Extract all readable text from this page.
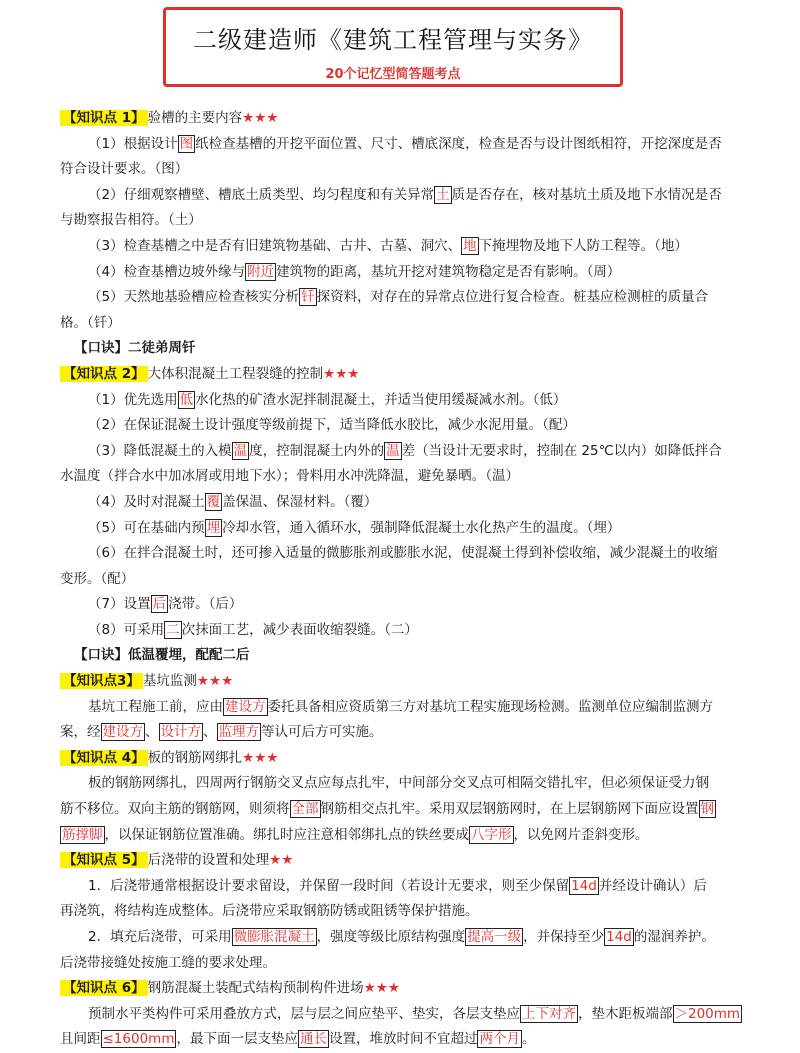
二级建造师《建筑工程管理与实务》
20个记忆型简答题考点
【知识点 1】 验槽的主要内容★★★
（1）根据设计 图 纸检查基槽的开挖平面位置、尺寸、槽底深度，检查是否与设计图纸相符，开挖深度是否
符合设计要求。（图）
（2）仔细观察槽壁、槽底土质类型、均匀程度和有关异常 土 质是否存在，核对基坑土质及地下水情况是否
与勘察报告相符。（土）
（3）检查基槽之中是否有旧建筑物基础、古井、古墓、洞穴、 地 下掩埋物及地下人防工程等。（地）
（4）检查基槽边坡外缘与 附近 建筑物的距离，基坑开挖对建筑物稳定是否有影响。（周）
（5）天然地基验槽应检查核实分析 钎 探资料，对存在的异常点位进行复合检查。桩基应检测桩的质量合
格。（钎）
【口诀】二徒弟周钎
【知识点 2】 大体积混凝土工程裂缝的控制★★★
（1）优先选用 低 水化热的矿渣水泥拌制混凝土，并适当使用缓凝减水剂。（低）
（2）在保证混凝土设计强度等级前提下，适当降低水胶比，减少水泥用量。（配）
（3）降低混凝土的入模 温 度，控制混凝土内外的 温 差（当设计无要求时，控制在 25℃以内）如降低拌合
水温度（拌合水中加冰屑或用地下水）；骨料用水冲洗降温，避免暴晒。（温）
（4）及时对混凝土 覆 盖保温、保湿材料。（覆）
（5）可在基础内预 埋 冷却水管，通入循环水，强制降低混凝土水化热产生的温度。（埋）
（6）在拌合混凝土时，还可掺入适量的微膨胀剂或膨胀水泥，使混凝土得到补偿收缩，减少混凝土的收缩
变形。（配）
（7）设置 后 浇带。（后）
（8）可采用 二 次抹面工艺，减少表面收缩裂缝。（二）
【口诀】低温覆埋，配配二后
【知识点3】 基坑监测★★★
基坑工程施工前，应由 建设方 委托具备相应资质第三方对基坑工程实施现场检测。监测单位应编制监测方
案，经 建设方 、 设计方 、 监理方 等认可后方可实施。
【知识点 4】 板的钢筋网绑扎★★★
板的钢筋网绑扎，四周两行钢筋交叉点应每点扎牢，中间部分交叉点可相隔交错扎牢，但必须保证受力钢
筋不移位。双向主筋的钢筋网，则须将 全部 钢筋相交点扎牢。采用双层钢筋网时，在上层钢筋网下面应设置 钢
筋撑脚 ，以保证钢筋位置准确。绑扎时应注意相邻绑扎点的铁丝要成 八字形 ，以免网片歪斜变形。
【知识点 5】 后浇带的设置和处理★★
1．后浇带通常根据设计要求留设，并保留一段时间（若设计无要求，则至少保留 14d 并经设计确认）后
再浇筑，将结构连成整体。后浇带应采取钢筋防锈或阻锈等保护措施。
2．填充后浇带，可采用 微膨胀混凝土 ，强度等级比原结构强度 提高一级 ，并保持至少 14d 的湿润养护。
后浇带接缝处按施工缝的要求处理。
【知识点 6】 钢筋混凝土装配式结构预制构件进场★★★
预制水平类构件可采用叠放方式，层与层之间应垫平、垫实，各层支垫应 上下对齐 ，垫木距板端部 ＞200mm
且间距 ≤1600mm ，最下面一层支垫应 通长 设置，堆放时间不宜超过 两个月 。
